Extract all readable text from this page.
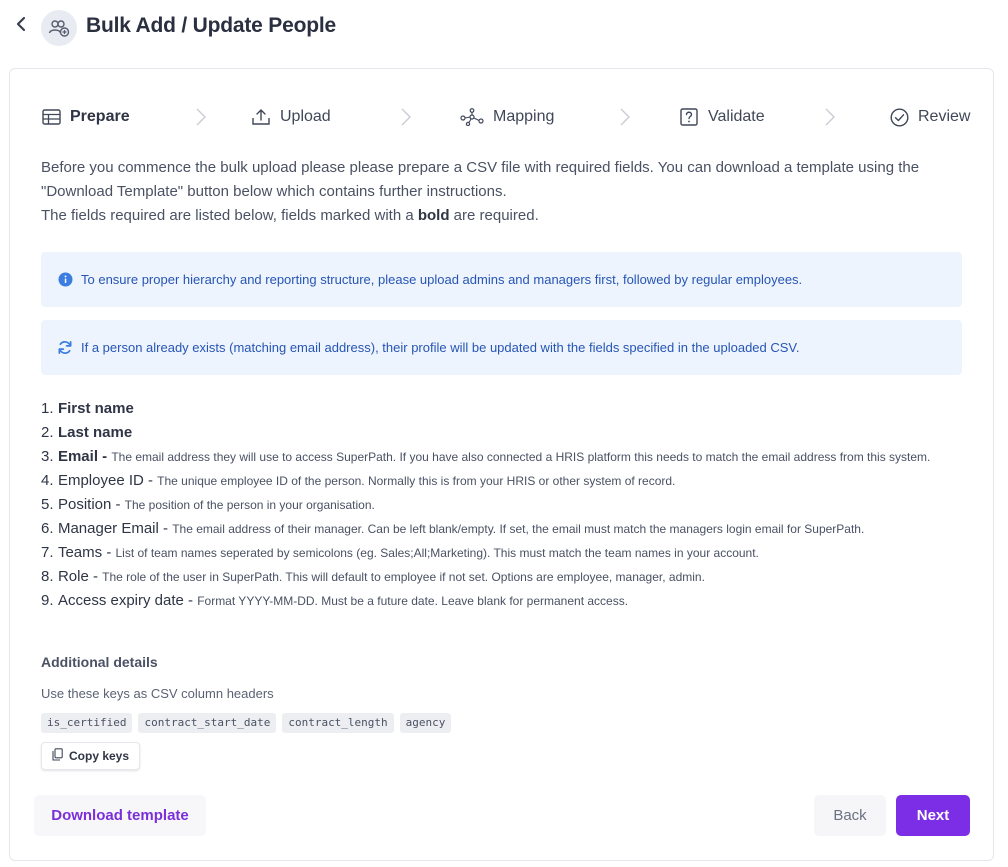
Bulk Add / Update People
Prepare	Upload	Mapping	Validate	Review

Before you commence the bulk upload please please prepare a CSV file with required fields. You can download a template using the "Download Template" button below which contains further instructions.

The fields required are listed below, fields marked with a bold are required.

To ensure proper hierarchy and reporting structure, please upload admins and managers first, followed by regular employees.
If a person already exists (matching email address), their profile will be updated with the fields specified in the uploaded CSV.
1. First name
2. Last name
3. Email - The email address they will use to access SuperPath. If you have also connected a HRIS platform this needs to match the email address from this system.
4. Employee ID - The unique employee ID of the person. Normally this is from your HRIS or other system of record.
5. Position - The position of the person in your organisation.
6. Manager Email - The email address of their manager. Can be left blank/empty. If set, the email must match the managers login email for SuperPath.
7. Teams - List of team names seperated by semicolons (eg. Sales;All;Marketing). This must match the team names in your account.
8. Role - The role of the user in SuperPath. This will default to employee if not set. Options are employee, manager, admin.
9. Access expiry date - Format YYYY-MM-DD. Must be a future date. Leave blank for permanent access.
Additional details
Use these keys as CSV column headers
is_certified	contract_start_date	contract_length	agency
Copy keys
Download template	Back	Next
